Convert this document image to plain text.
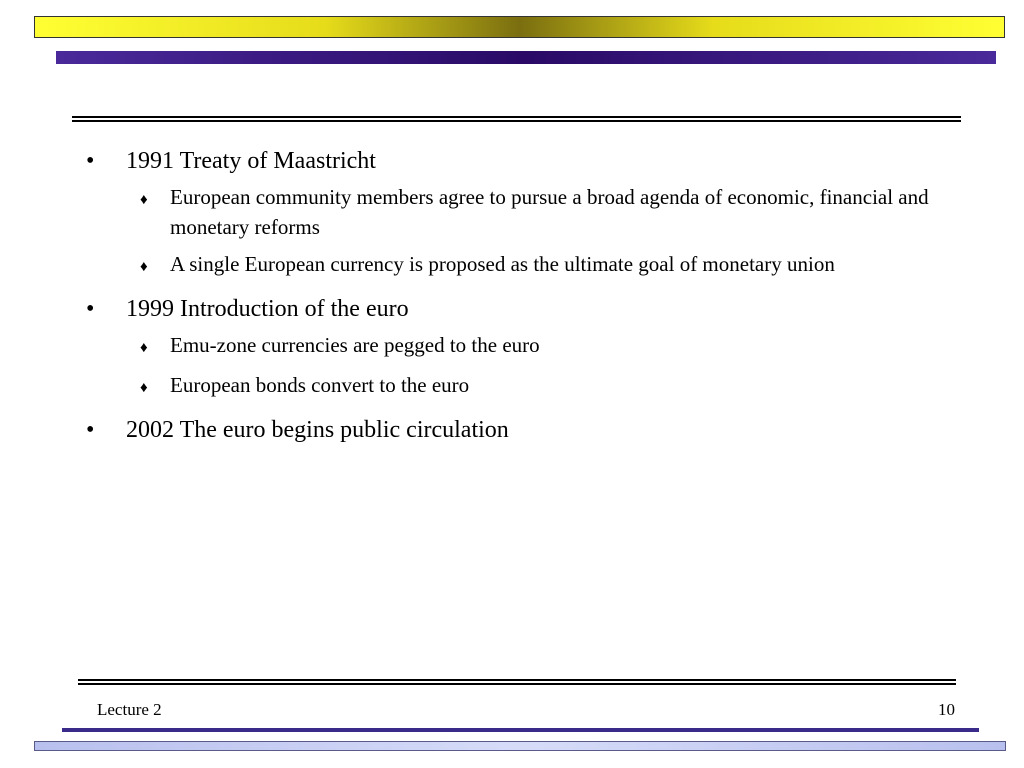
•	1991 Treaty of Maastricht
♦	European community members agree to pursue a broad agenda of economic, financial and monetary reforms
♦	A single European currency is proposed as the ultimate goal of monetary union
•	1999 Introduction of the euro
♦	Emu-zone currencies are pegged to the euro
♦	European bonds convert to the euro
•	2002 The euro begins public circulation
Lecture 2	10
